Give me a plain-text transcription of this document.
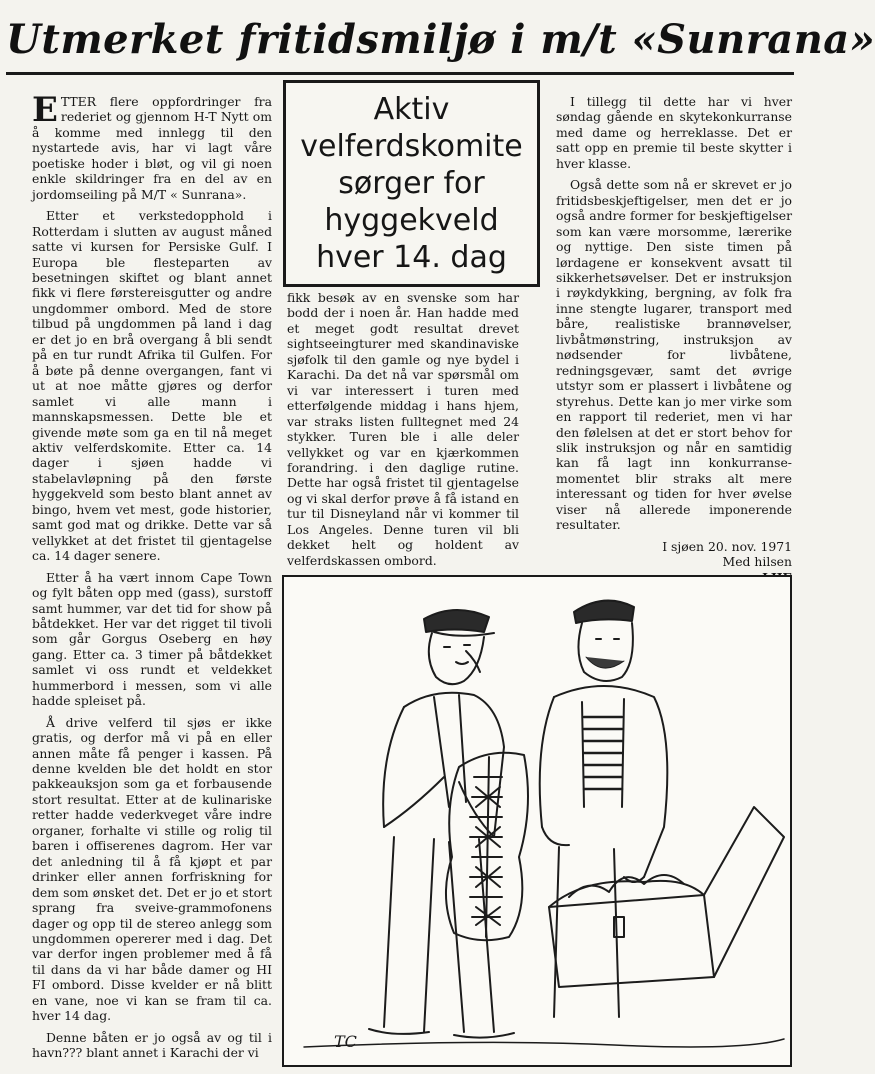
Utmerket fritidsmiljø i m/t «Sunrana»

ETTER flere oppfordringer fra rederiet og gjennom H-T Nytt om å komme med innlegg til den nystartede avis, har vi lagt våre poetiske hoder i bløt, og vil gi noen enkle skildringer fra en del av en jordomseiling på M/T « Sunrana».

Etter et verkstedopphold i Rotterdam i slutten av august måned satte vi kursen for Persiske Gulf. I Europa ble flesteparten av besetningen skiftet og blant annet fikk vi flere førstereisgutter og andre ungdommer ombord. Med de store tilbud på ungdommen på land i dag er det jo en brå overgang å bli sendt på en tur rundt Afrika til Gulfen. For å bøte på denne overgangen, fant vi ut at noe måtte gjøres og derfor samlet vi alle mann i mannskapsmessen. Dette ble et givende møte som ga en til nå meget aktiv velferdskomite. Etter ca. 14 dager i sjøen hadde vi stabelavløpning på den første hyggekveld som besto blant annet av bingo, hvem vet mest, gode historier, samt god mat og drikke. Dette var så vellykket at det fristet til gjentagelse ca. 14 dager senere.

Etter å ha vært innom Cape Town og fylt båten opp med (gass), surstoff samt hummer, var det tid for show på båtdekket. Her var det rigget til tivoli som går Gorgus Oseberg en høy gang. Etter ca. 3 timer på båtdekket samlet vi oss rundt et veldekket hummerbord i messen, som vi alle hadde spleiset på.

Å drive velferd til sjøs er ikke gratis, og derfor må vi på en eller annen måte få penger i kassen. På denne kvelden ble det holdt en stor pakkeauksjon som ga et forbausende stort resultat. Etter at de kulinariske retter hadde vederkveget våre indre organer, forhalte vi stille og rolig til baren i offiserenes dagrom. Her var det anledning til å få kjøpt et par drinker eller annen forfriskning for dem som ønsket det. Det er jo et stort sprang fra sveive-grammofonens dager og opp til de stereo anlegg som ungdommen opererer med i dag. Det var derfor ingen problemer med å få til dans da vi har både damer og HI FI ombord. Disse kvelder er nå blitt en vane, noe vi kan se fram til ca. hver 14 dag.

Denne båten er jo også av og til i havn??? blant annet i Karachi der vi

Aktiv
velferdskomite
sørger for
hyggekveld
hver 14. dag

fikk besøk av en svenske som har bodd der i noen år. Han hadde med et meget godt resultat drevet sightseeingturer med skandinaviske sjøfolk til den gamle og nye bydel i Karachi. Da det nå var spørsmål om vi var interessert i turen med etterfølgende middag i hans hjem, var straks listen fulltegnet med 24 stykker. Turen ble i alle deler vellykket og var en kjærkommen forandring. i den daglige rutine. Dette har også fristet til gjentagelse og vi skal derfor prøve å få istand en tur til Disneyland når vi kommer til Los Angeles. Denne turen vil bli dekket helt og holdent av velferdskassen ombord.

I tillegg til dette har vi hver søndag gående en skytekonkurranse med dame og herreklasse. Det er satt opp en premie til beste skytter i hver klasse.

Også dette som nå er skrevet er jo fritidsbeskjeftigelser, men det er jo også andre former for beskjeftigelser som kan være morsomme, lærerike og nyttige. Den siste timen på lørdagene er konsekvent avsatt til sikkerhetsøvelser. Det er instruksjon i røykdykking, bergning, av folk fra inne stengte lugarer, transport med båre, realistiske brannøvelser, livbåtmønstring, instruksjon av nødsender for livbåtene, redningsgevær, samt det øvrige utstyr som er plassert i livbåtene og styrehus. Dette kan jo mer virke som en rapport til rederiet, men vi har den følelsen at det er stort behov for slik instruksjon og når en samtidig kan få lagt inn konkurranse-momentet blir straks alt mere interessant og tiden for hver øvelse viser nå allerede imponerende resultater.

I sjøen 20. nov. 1971
Med hilsen
TC
